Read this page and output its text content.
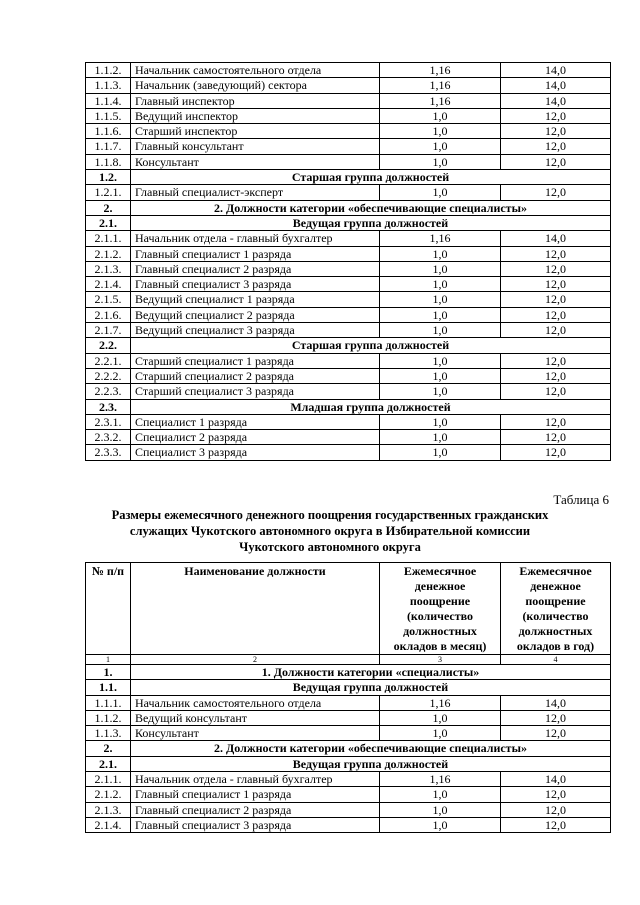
1.1.2.	Начальник самостоятельного отдела	1,16	14,0
1.1.3.	Начальник (заведующий) сектора	1,16	14,0
1.1.4.	Главный инспектор	1,16	14,0
1.1.5.	Ведущий инспектор	1,0	12,0
1.1.6.	Старший инспектор	1,0	12,0
1.1.7.	Главный консультант	1,0	12,0
1.1.8.	Консультант	1,0	12,0
1.2.	Старшая группа должностей		
1.2.1.	Главный специалист-эксперт	1,0	12,0
2.	2. Должности категории «обеспечивающие специалисты»		
2.1.	Ведущая группа должностей		
2.1.1.	Начальник отдела - главный бухгалтер	1,16	14,0
2.1.2.	Главный специалист 1 разряда	1,0	12,0
2.1.3.	Главный специалист 2 разряда	1,0	12,0
2.1.4.	Главный специалист 3 разряда	1,0	12,0
2.1.5.	Ведущий специалист 1 разряда	1,0	12,0
2.1.6.	Ведущий специалист 2 разряда	1,0	12,0
2.1.7.	Ведущий специалист 3 разряда	1,0	12,0
2.2.	Старшая группа должностей		
2.2.1.	Старший специалист 1 разряда	1,0	12,0
2.2.2.	Старший специалист 2 разряда	1,0	12,0
2.2.3.	Старший специалист 3 разряда	1,0	12,0
2.3.	Младшая группа должностей		
2.3.1.	Специалист 1 разряда	1,0	12,0
2.3.2.	Специалист 2 разряда	1,0	12,0
2.3.3.	Специалист 3 разряда	1,0	12,0
Таблица 6
Размеры ежемесячного денежного поощрения государственных гражданских служащих Чукотского автономного округа в Избирательной комиссии Чукотского автономного округа
№ п/п	Наименование должности	Ежемесячное денежное поощрение (количество должностных окладов в месяц)	Ежемесячное денежное поощрение (количество должностных окладов в год)
1	2	3	4
1.	1. Должности категории «специалисты»		
1.1.	Ведущая группа должностей		
1.1.1.	Начальник самостоятельного отдела	1,16	14,0
1.1.2.	Ведущий консультант	1,0	12,0
1.1.3.	Консультант	1,0	12,0
2.	2. Должности категории «обеспечивающие специалисты»		
2.1.	Ведущая группа должностей		
2.1.1.	Начальник отдела - главный бухгалтер	1,16	14,0
2.1.2.	Главный специалист 1 разряда	1,0	12,0
2.1.3.	Главный специалист 2 разряда	1,0	12,0
2.1.4.	Главный специалист 3 разряда	1,0	12,0
